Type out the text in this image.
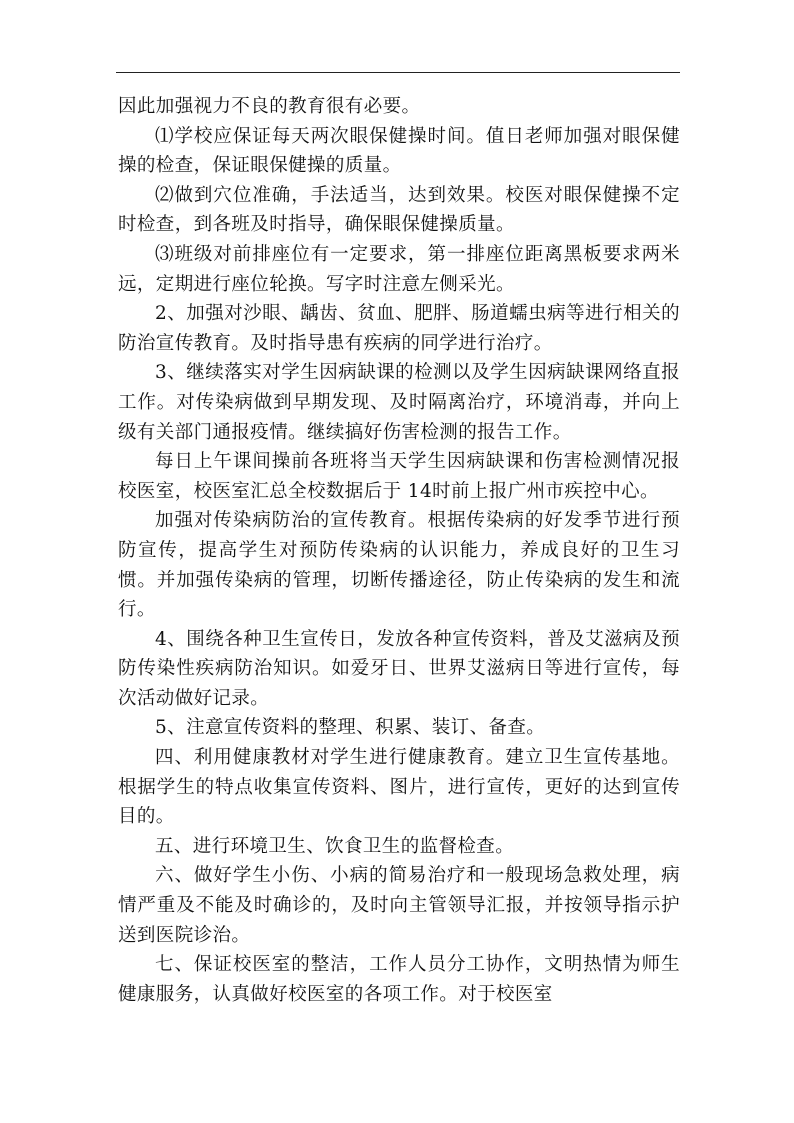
因此加强视力不良的教育很有必要。

⑴学校应保证每天两次眼保健操时间。值日老师加强对眼保健操的检查，保证眼保健操的质量。

⑵做到穴位准确，手法适当，达到效果。校医对眼保健操不定时检查，到各班及时指导，确保眼保健操质量。

⑶班级对前排座位有一定要求，第一排座位距离黑板要求两米远，定期进行座位轮换。写字时注意左侧采光。

2、加强对沙眼、龋齿、贫血、肥胖、肠道蠕虫病等进行相关的防治宣传教育。及时指导患有疾病的同学进行治疗。

3、继续落实对学生因病缺课的检测以及学生因病缺课网络直报工作。对传染病做到早期发现、及时隔离治疗，环境消毒，并向上级有关部门通报疫情。继续搞好伤害检测的报告工作。

每日上午课间操前各班将当天学生因病缺课和伤害检测情况报校医室，校医室汇总全校数据后于 14时前上报广州市疾控中心。

加强对传染病防治的宣传教育。根据传染病的好发季节进行预防宣传，提高学生对预防传染病的认识能力，养成良好的卫生习惯。并加强传染病的管理，切断传播途径，防止传染病的发生和流行。

4、围绕各种卫生宣传日，发放各种宣传资料，普及艾滋病及预防传染性疾病防治知识。如爱牙日、世界艾滋病日等进行宣传，每次活动做好记录。

5、注意宣传资料的整理、积累、装订、备查。

四、利用健康教材对学生进行健康教育。建立卫生宣传基地。根据学生的特点收集宣传资料、图片，进行宣传，更好的达到宣传目的。

五、进行环境卫生、饮食卫生的监督检查。

六、做好学生小伤、小病的简易治疗和一般现场急救处理，病情严重及不能及时确诊的，及时向主管领导汇报，并按领导指示护送到医院诊治。

七、保证校医室的整洁，工作人员分工协作，文明热情为师生健康服务，认真做好校医室的各项工作。对于校医室
